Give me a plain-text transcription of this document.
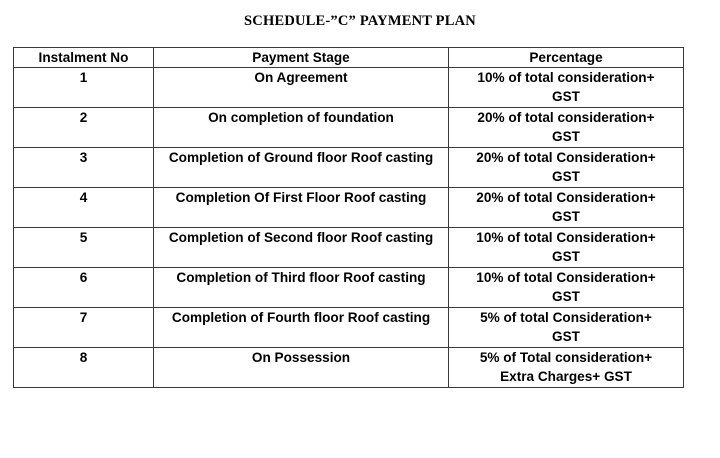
SCHEDULE-”C” PAYMENT PLAN
Instalment No	Payment Stage	Percentage
1	On Agreement	10% of total consideration+ GST

2	On completion of foundation	20% of total consideration+ GST

3	Completion of Ground floor Roof casting	20% of total Consideration+ GST

4	Completion Of First Floor Roof casting	20% of total Consideration+ GST

5	Completion of Second floor Roof casting	10% of total Consideration+ GST

6	Completion of Third floor Roof casting	10% of total Consideration+ GST

7	Completion of Fourth floor Roof casting	5% of total Consideration+ GST

8	On Possession	5% of Total consideration+ Extra Charges+ GST
